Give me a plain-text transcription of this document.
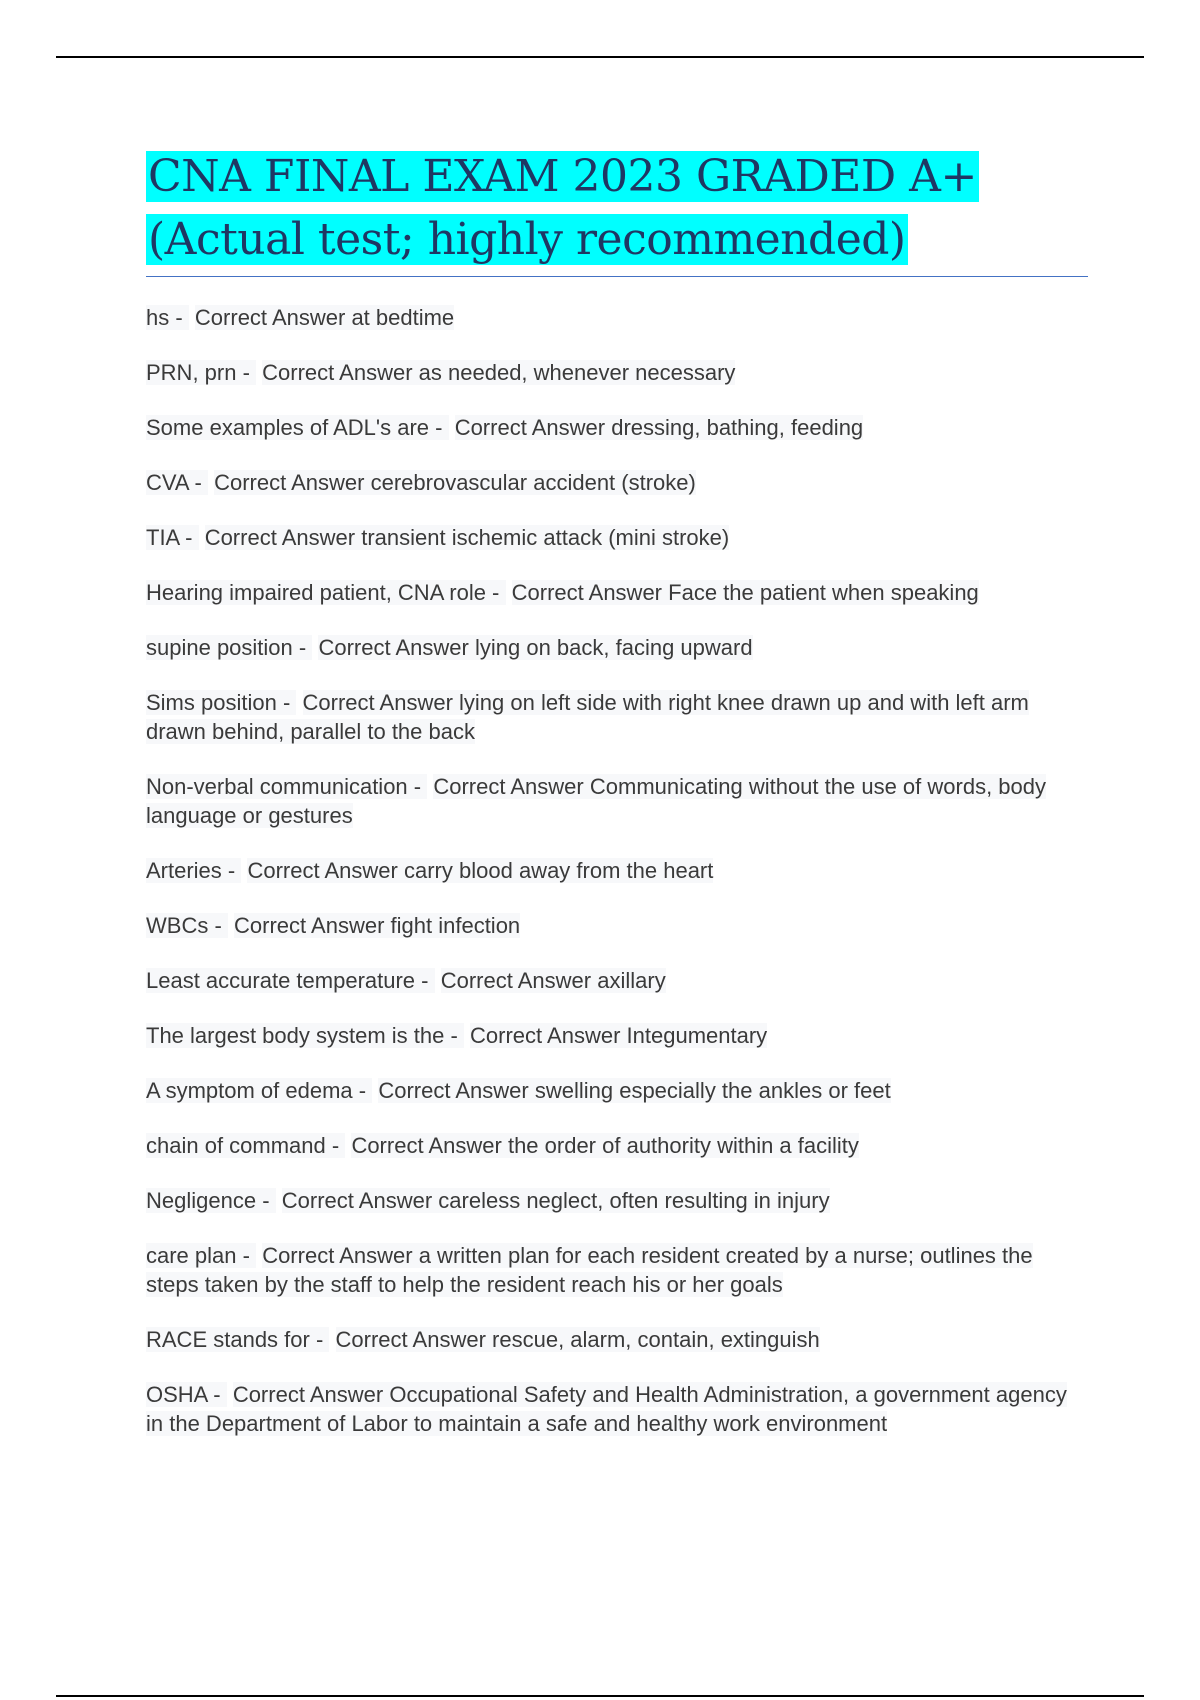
CNA FINAL EXAM 2023 GRADED A+
(Actual test; highly recommended)
hs -  Correct Answer at bedtime
PRN, prn -  Correct Answer as needed, whenever necessary
Some examples of ADL's are -  Correct Answer dressing, bathing, feeding
CVA -  Correct Answer cerebrovascular accident (stroke)
TIA -  Correct Answer transient ischemic attack (mini stroke)
Hearing impaired patient, CNA role -  Correct Answer Face the patient when speaking
supine position -  Correct Answer lying on back, facing upward
Sims position -  Correct Answer lying on left side with right knee drawn up and with left arm drawn behind, parallel to the back
Non-verbal communication -  Correct Answer Communicating without the use of words, body language or gestures
Arteries -  Correct Answer carry blood away from the heart
WBCs -  Correct Answer fight infection
Least accurate temperature -  Correct Answer axillary
The largest body system is the -  Correct Answer Integumentary
A symptom of edema -  Correct Answer swelling especially the ankles or feet
chain of command -  Correct Answer the order of authority within a facility
Negligence -  Correct Answer careless neglect, often resulting in injury
care plan -  Correct Answer a written plan for each resident created by a nurse; outlines the steps taken by the staff to help the resident reach his or her goals
RACE stands for -  Correct Answer rescue, alarm, contain, extinguish
OSHA -  Correct Answer Occupational Safety and Health Administration, a government agency in the Department of Labor to maintain a safe and healthy work environment
